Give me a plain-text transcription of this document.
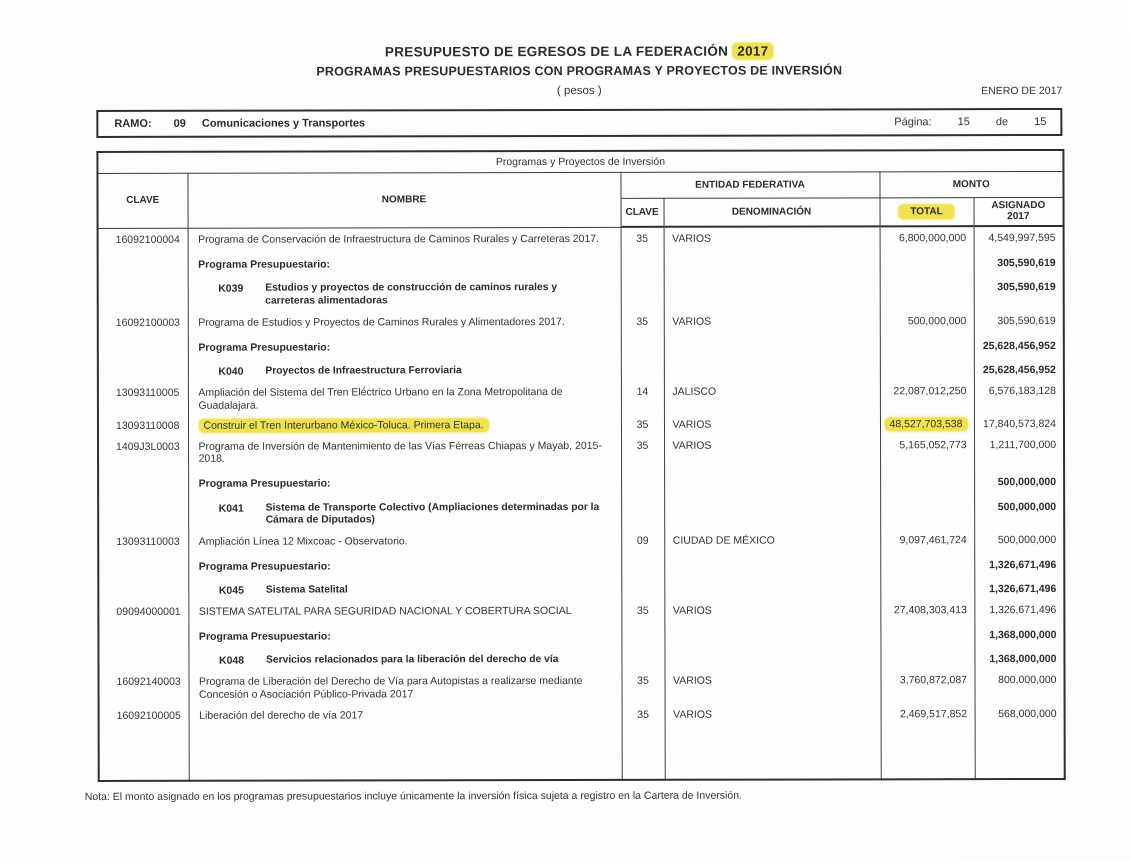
PRESUPUESTO DE EGRESOS DE LA FEDERACIÓN 2017
PROGRAMAS PRESUPUESTARIOS CON PROGRAMAS Y PROYECTOS DE INVERSIÓN
( pesos )	ENERO DE 2017
RAMO: 09 Comunicaciones y Transportes	Página: 15 de 15
Programas y Proyectos de Inversión					
CLAVE	NOMBRE	ENTIDAD FEDERATIVA		MONTO	
		CLAVE	DENOMINACIÓN	TOTAL	ASIGNADO
2017

16092100004	Programa de Conservación de Infraestructura de Caminos Rurales y Carreteras 2017.	35	VARIOS	6,800,000,000	4,549,997,595
	Programa Presupuestario:				305,590,619

	K039 Estudios y proyectos de construcción de caminos rurales y carreteras alimentadoras				305,590,619
16092100003	Programa de Estudios y Proyectos de Caminos Rurales y Alimentadores 2017.	35	VARIOS	500,000,000	305,590,619
	Programa Presupuestario:				25,628,456,952

	K040 Proyectos de Infraestructura Ferroviaria				25,628,456,952
13093110005	Ampliación del Sistema del Tren Eléctrico Urbano en la Zona Metropolitana de Guadalajara.	14	JALISCO	22,087,012,250	6,576,183,128
13093110008	Construir el Tren Interurbano México-Toluca. Primera Etapa.	35	VARIOS	48,527,703,538	17,840,573,824
1409J3L0003	Programa de Inversión de Mantenimiento de las Vías Férreas Chiapas y Mayab, 2015-2018.	35	VARIOS	5,165,052,773	1,211,700,000
	Programa Presupuestario:				500,000,000

	K041 Sistema de Transporte Colectivo (Ampliaciones determinadas por la Cámara de Diputados)				500,000,000
13093110003	Ampliación Línea 12 Mixcoac - Observatorio.	09	CIUDAD DE MÉXICO	9,097,461,724	500,000,000
	Programa Presupuestario:				1,326,671,496

	K045 Sistema Satelital				1,326,671,496
09094000001	SISTEMA SATELITAL PARA SEGURIDAD NACIONAL Y COBERTURA SOCIAL	35	VARIOS	27,408,303,413	1,326,671,496
	Programa Presupuestario:				1,368,000,000

	K048 Servicios relacionados para la liberación del derecho de vía				1,368,000,000
16092140003	Programa de Liberación del Derecho de Vía para Autopistas a realizarse mediante Concesión o Asociación Público-Privada 2017	35	VARIOS	3,760,872,087	800,000,000
16092100005	Liberación del derecho de vía 2017	35	VARIOS	2,469,517,852	568,000,000

Nota: El monto asignado en los programas presupuestarios incluye únicamente la inversión física sujeta a registro en la Cartera de Inversión.
